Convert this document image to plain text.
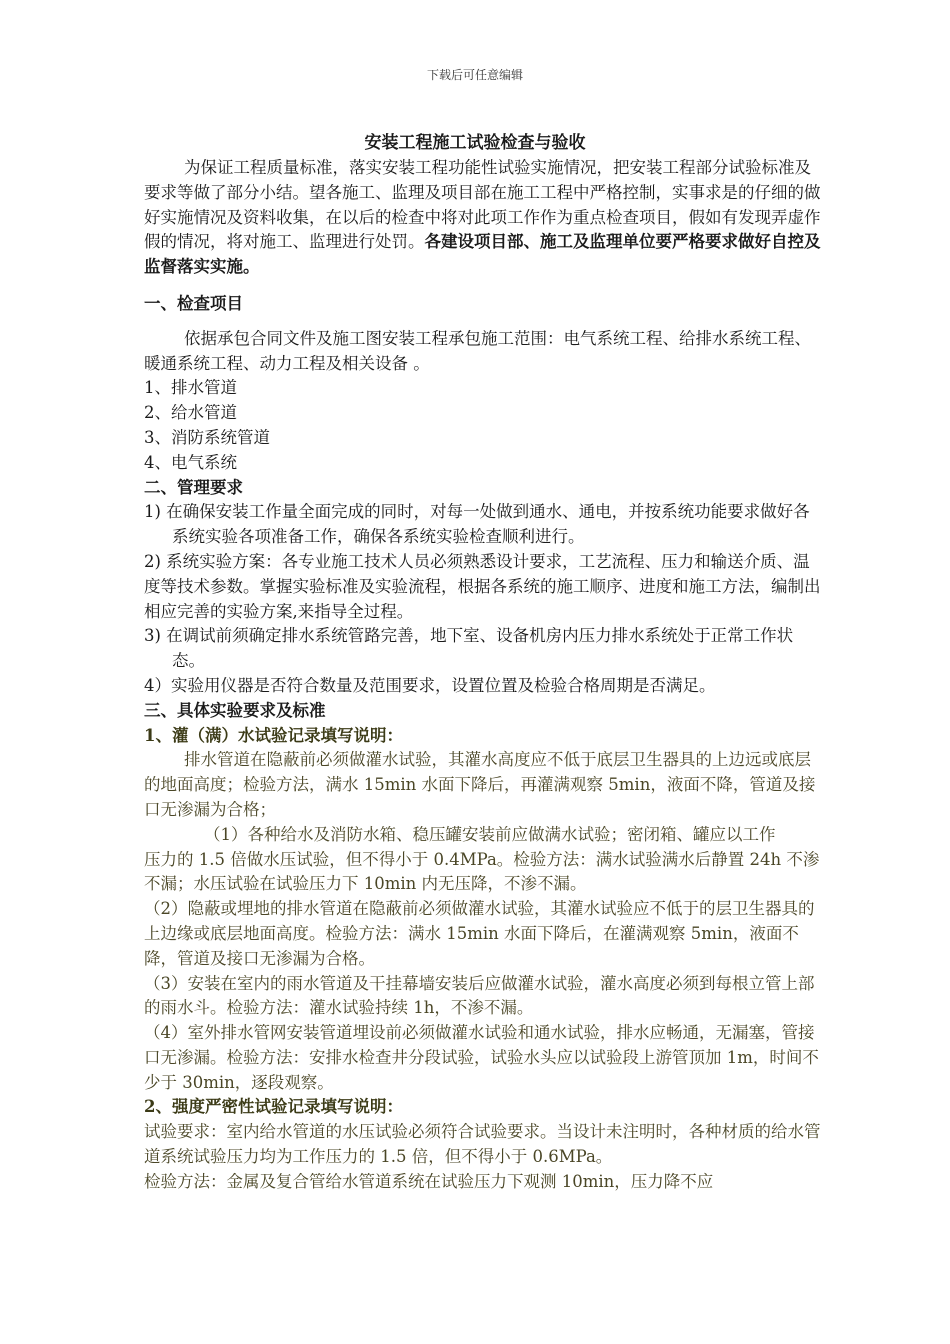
下载后可任意编辑
安装工程施工试验检查与验收

为保证工程质量标准，落实安装工程功能性试验实施情况，把安装工程部分试验标准及要求等做了部分小结。望各施工、监理及项目部在施工工程中严格控制，实事求是的仔细的做好实施情况及资料收集，在以后的检查中将对此项工作作为重点检查项目，假如有发现弄虚作假的情况，将对施工、监理进行处罚。各建设项目部、施工及监理单位要严格要求做好自控及监督落实实施。

一、检查项目

依据承包合同文件及施工图安装工程承包施工范围：电气系统工程、给排水系统工程、暖通系统工程、动力工程及相关设备 。

1、排水管道

2、给水管道

3、消防系统管道

4、电气系统

二、管理要求

1) 在确保安装工作量全面完成的同时，对每一处做到通水、通电，并按系统功能要求做好各系统实验各项准备工作，确保各系统实验检查顺利进行。

2) 系统实验方案：各专业施工技术人员必须熟悉设计要求，工艺流程、压力和输送介质、温度等技术参数。掌握实验标准及实验流程，根据各系统的施工顺序、进度和施工方法，编制出相应完善的实验方案,来指导全过程。

3) 在调试前须确定排水系统管路完善，地下室、设备机房内压力排水系统处于正常工作状态。

4）实验用仪器是否符合数量及范围要求，设置位置及检验合格周期是否满足。

三、具体实验要求及标准

1、灌（满）水试验记录填写说明：

排水管道在隐蔽前必须做灌水试验，其灌水高度应不低于底层卫生器具的上边远或底层的地面高度；检验方法，满水 15min 水面下降后，再灌满观察 5min，液面不降，管道及接口无渗漏为合格；

（1）各种给水及消防水箱、稳压罐安装前应做满水试验；密闭箱、罐应以工作

压力的 1.5 倍做水压试验，但不得小于 0.4MPa。检验方法：满水试验满水后静置 24h 不渗不漏；水压试验在试验压力下 10min 内无压降，不渗不漏。

（2）隐蔽或埋地的排水管道在隐蔽前必须做灌水试验，其灌水试验应不低于的层卫生器具的上边缘或底层地面高度。检验方法：满水 15min 水面下降后，在灌满观察 5min，液面不降，管道及接口无渗漏为合格。

（3）安装在室内的雨水管道及干挂幕墙安装后应做灌水试验，灌水高度必须到每根立管上部的雨水斗。检验方法：灌水试验持续 1h，不渗不漏。

（4）室外排水管网安装管道埋设前必须做灌水试验和通水试验，排水应畅通，无漏塞，管接口无渗漏。检验方法：安排水检查井分段试验，试验水头应以试验段上游管顶加 1m，时间不少于 30min，逐段观察。

2、强度严密性试验记录填写说明：

试验要求：室内给水管道的水压试验必须符合试验要求。当设计未注明时，各种材质的给水管道系统试验压力均为工作压力的 1.5 倍，但不得小于 0.6MPa。

检验方法：金属及复合管给水管道系统在试验压力下观测 10min，压力降不应
